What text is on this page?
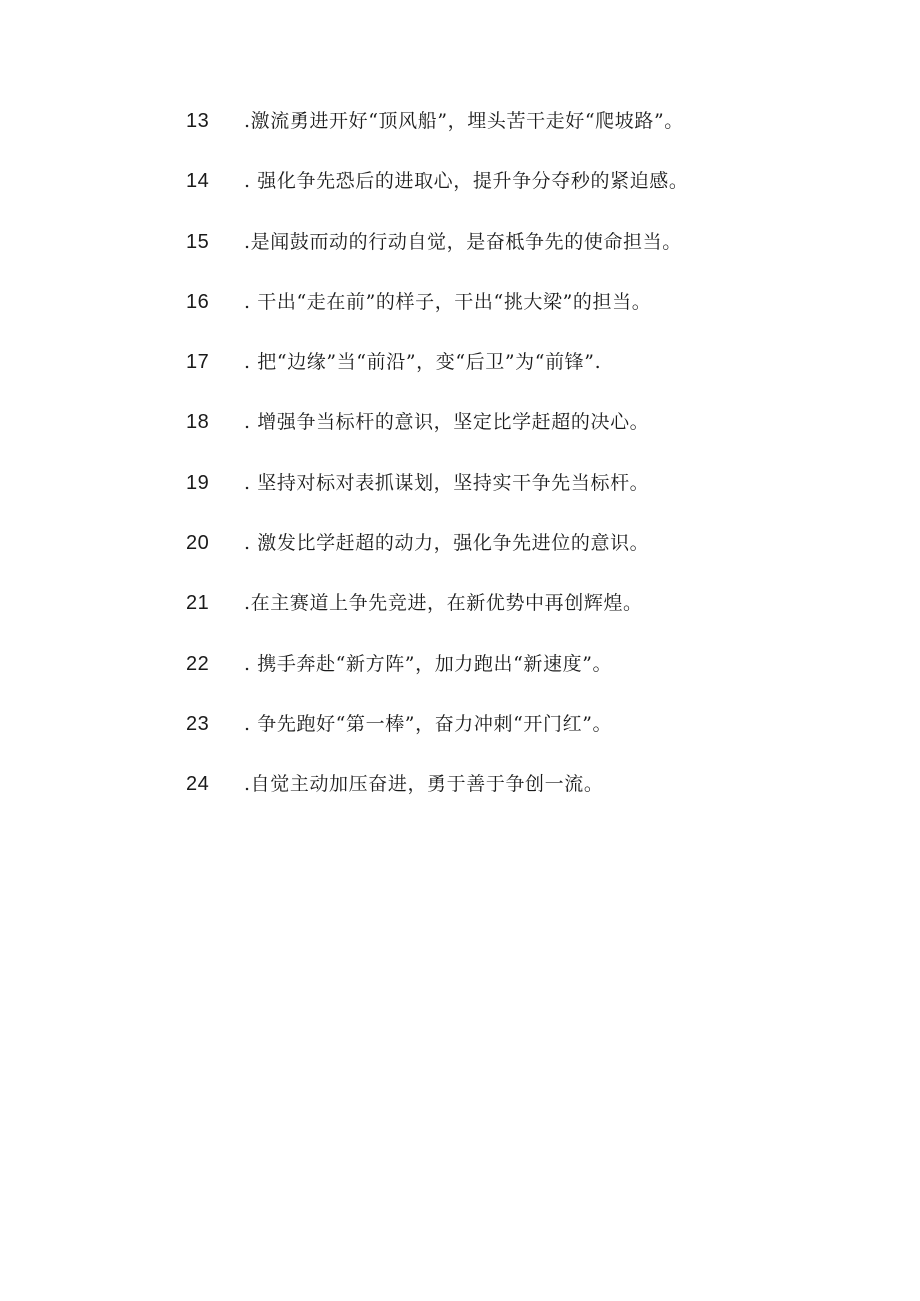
13	.激流勇进开好“顶风船”，埋头苦干走好“爬坡路”。
14	. 强化争先恐后的进取心，提升争分夺秒的紧迫感。
15	.是闻鼓而动的行动自觉，是奋柢争先的使命担当。
16	. 干出“走在前”的样子，干出“挑大梁”的担当。
17	. 把“边缘”当“前沿”，变“后卫”为“前锋”.
18	. 增强争当标杆的意识，坚定比学赶超的决心。
19	. 坚持对标对表抓谋划，坚持实干争先当标杆。
20	. 激发比学赶超的动力，强化争先进位的意识。
21	.在主赛道上争先竞进，在新优势中再创辉煌。
22	. 携手奔赴“新方阵”，加力跑出“新速度”。
23	. 争先跑好“第一棒”，奋力冲刺“开门红”。
24	.自觉主动加压奋进，勇于善于争创一流。
